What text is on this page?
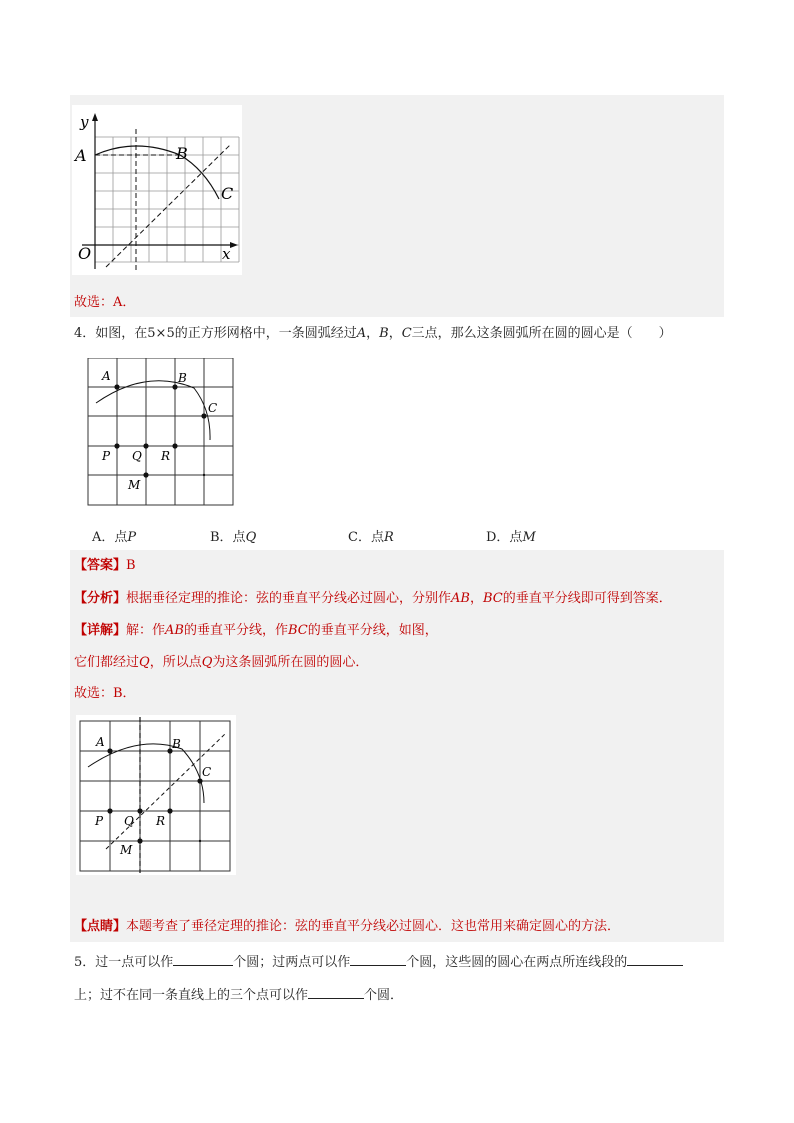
y
A	B
C
O	x
故选：A．
4．如图，在5×5的正方形网格中，一条圆弧经过A，B，C三点，那么这条圆弧所在圆的圆心是（　　）
A	B
C
P Q R
M
A．点P	B．点Q	C．点R	D．点M
【答案】B
【分析】根据垂径定理的推论：弦的垂直平分线必过圆心，分别作AB，BC的垂直平分线即可得到答案．
【详解】解：作AB的垂直平分线，作BC的垂直平分线，如图，
它们都经过Q，所以点Q为这条圆弧所在圆的圆心．
故选：B．
A	B
C
P Q R
M
【点睛】本题考查了垂径定理的推论：弦的垂直平分线必过圆心．这也常用来确定圆心的方法．
5．过一点可以作	个圆；过两点可以作	个圆，这些圆的圆心在两点所连线段的
上；过不在同一条直线上的三个点可以作	个圆．
